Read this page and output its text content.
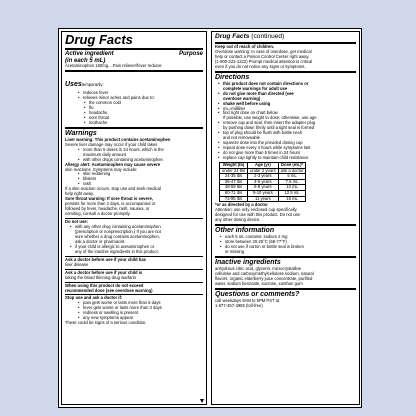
Drug Facts
Active ingredient	Purpose
(in each 5 mL)
Acetaminophen 160mg....Pain reliever/fever reducer
Usestemporarily:
• reduces fever
• relieves minor aches and pains due to:
• the common cold
• flu
• headache
• sore throat
• toothache
Warnings
Liver warning: This product contains acetaminophen
Severe liver damage may occur if your child takes
• more than 5 doses in 24 hours, which is the
maximum daily amount
• with other drugs containing acetaminophen
Allergy alert: Acetaminophen may cause severe
skin reactions. Symptoms may include:
• skin reddening
• blisters
• rash
If a skin reaction occurs, stop use and seek medical
help right away.
Sore throat warning: If sore throat is severe,
persists for more than 2 days, is accompanied or
followed by fever, headache, rash, nausea, or
vomiting, consult a doctor promptly.
Do not use:
• with any other drug containing acetaminophen
(prescription or nonprescription.) If you are not
sure whether a drug contains acetaminophen,
ask a doctor or pharmacist.
• if your child is allergic to acetaminophen or
any of the inactive ingredients in this product.
Ask a doctor before use if your child has
liver disease
Ask a doctor before use if your child is
taking the blood thinning drug warfarin
When using this product do not exceed
recommended dose (see overdose warning)
Stop use and ask a doctor if:
• pain gets worse or lasts more than 5 days
• fever gets worse or lasts more than 3 days
• redness or swelling is present
• any new symptoms appear
These could be signs of a serious condition.
Drug Facts (continued)
Keep out of reach of children.
Overdose warning: In case of overdose, get medical
help or contact a Poison Control Center right away.
(1-800-222-1222) Prompt medical attention is critical
even if you do not notice any signs or symptoms.
Directions
• this product does not contain directions or
complete warnings for adult use
• do not give more than directed (see
overdose warning)
• shake well before using
• mL=milliliter
• find right dose on chart below
If possible, use weight to dose; otherwise, use age
• remove cap and seal, then insert the adapter plug
by pushing down firmly until a tight seal is formed
• top of plug should be flush with bottle neck
and not removeable
• squeeze dose into the provided dosing cup
• repeat dose every 4 hours while symptoms last
• do not give more than 5 times in 24 hours
• replace cap tightly to maintain child resistance
Weight (lb)	Age (yr)	Dose (mL)*
under 24 lbs	under 2 years	ask a doctor
24-35 lbs	2-3 years	5 mL
36-47 lbs	4-5 years	7.5 mL
48-59 lbs	6-8 years	10 mL
60-71 lbs	9-10 years	12.5 mL
72-95 lbs	11 years	15 mL
*or as directed by a doctor
Attention: use only enclosed cup specifically
designed for use with this product. Do not use
any other dosing device.
Other information
• each 5 mL contains: sodium 2 mg
• store between 20-25°C (68-77°F)
• do not use if carton or bottle seal is broken
or missing
Inactive ingredients
anhydrous citric acid, glycerin, microcrystalline
cellulose and carboxymethylcellulose sodium, natural
flavors, organic elderberry juice concentrate, purified
water, sodium benzoate, sucrose, xanthan gum
Questions or comments?
call weekdays 9AM to 5PM PST at
1-877-457-4955 (toll-free)
